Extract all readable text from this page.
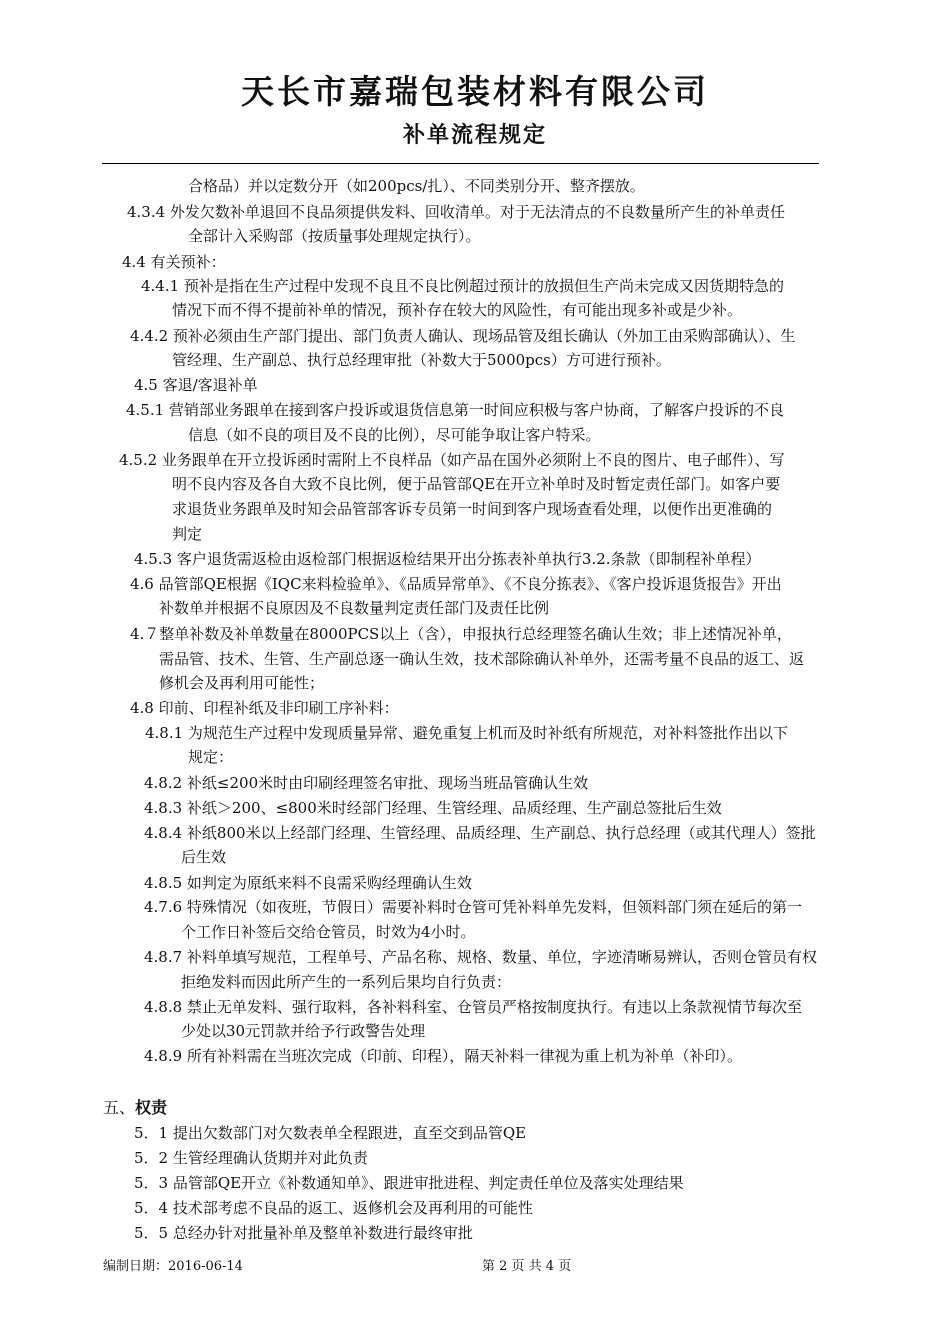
天长市嘉瑞包装材料有限公司
补单流程规定
合格品）并以定数分开（如200pcs/扎）、不同类别分开、整齐摆放。
4.3.4 外发欠数补单退回不良品须提供发料、回收清单。对于无法清点的不良数量所产生的补单责任
全部计入采购部（按质量事处理规定执行）。
4.4 有关预补：
4.4.1 预补是指在生产过程中发现不良且不良比例超过预计的放损但生产尚未完成又因货期特急的
情况下而不得不提前补单的情况，预补存在较大的风险性，有可能出现多补或是少补。
4.4.2 预补必须由生产部门提出、部门负责人确认、现场品管及组长确认（外加工由采购部确认）、生
管经理、生产副总、执行总经理审批（补数大于5000pcs）方可进行预补。
4.5 客退/客退补单
4.5.1 营销部业务跟单在接到客户投诉或退货信息第一时间应积极与客户协商，了解客户投诉的不良
信息（如不良的项目及不良的比例），尽可能争取让客户特采。
4.5.2 业务跟单在开立投诉函时需附上不良样品（如产品在国外必须附上不良的图片、电子邮件）、写
明不良内容及各自大致不良比例，便于品管部QE在开立补单时及时暂定责任部门。如客户要
求退货业务跟单及时知会品管部客诉专员第一时间到客户现场查看处理，以便作出更准确的
判定
4.5.3 客户退货需返检由返检部门根据返检结果开出分拣表补单执行3.2.条款（即制程补单程）
4.6 品管部QE根据《IQC来料检验单》、《品质异常单》、《不良分拣表》、《客户投诉退货报告》开出
补数单并根据不良原因及不良数量判定责任部门及责任比例
4.７整单补数及补单数量在8000PCS以上（含），申报执行总经理签名确认生效；非上述情况补单，
需品管、技术、生管、生产副总逐一确认生效，技术部除确认补单外，还需考量不良品的返工、返
修机会及再利用可能性；
4.8 印前、印程补纸及非印刷工序补料：
4.8.1 为规范生产过程中发现质量异常、避免重复上机而及时补纸有所规范，对补料签批作出以下
规定：
4.8.2 补纸≤200米时由印刷经理签名审批、现场当班品管确认生效
4.8.3 补纸＞200、≤800米时经部门经理、生管经理、品质经理、生产副总签批后生效
4.8.4 补纸800米以上经部门经理、生管经理、品质经理、生产副总、执行总经理（或其代理人）签批
后生效
4.8.5 如判定为原纸来料不良需采购经理确认生效
4.7.6 特殊情况（如夜班，节假日）需要补料时仓管可凭补料单先发料，但领料部门须在延后的第一
个工作日补签后交给仓管员，时效为4小时。
4.8.7 补料单填写规范，工程单号、产品名称、规格、数量、单位，字迹清晰易辨认，否则仓管员有权
拒绝发料而因此所产生的一系列后果均自行负责：
4.8.8 禁止无单发料、强行取料，各补料科室、仓管员严格按制度执行。有违以上条款视情节每次至
少处以30元罚款并给予行政警告处理
4.8.9 所有补料需在当班次完成（印前、印程），隔天补料一律视为重上机为补单（补印）。
五、权责
5．1 提出欠数部门对欠数表单全程跟进，直至交到品管QE
5．2 生管经理确认货期并对此负责
5．3 品管部QE开立《补数通知单》、跟进审批进程、判定责任单位及落实处理结果
5．4 技术部考虑不良品的返工、返修机会及再利用的可能性
5．5 总经办针对批量补单及整单补数进行最终审批
编制日期：2016-06-14	第 2 页 共 4 页
